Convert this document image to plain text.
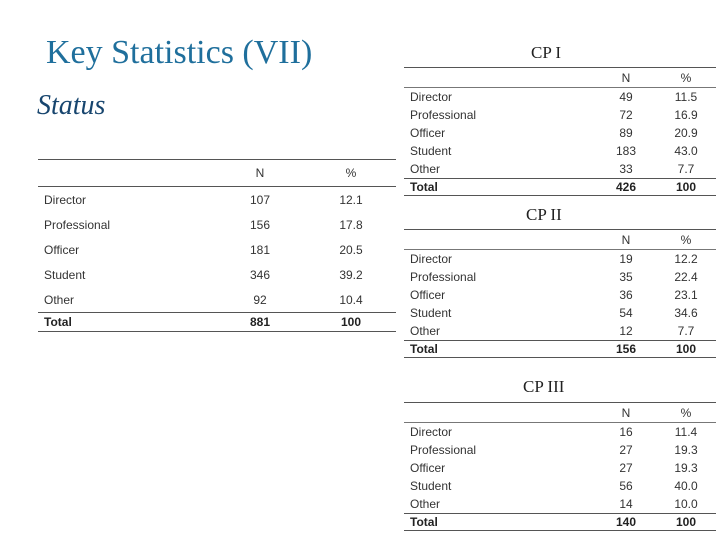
Key Statistics (VII)
Status
	N	%
Director	107	12.1
Professional	156	17.8
Officer	181	20.5
Student	346	39.2
Other	92	10.4
Total	881	100
CP I
	N	%
Director	49	11.5
Professional	72	16.9
Officer	89	20.9
Student	183	43.0
Other	33	7.7
Total	426	100
CP II
	N	%
Director	19	12.2
Professional	35	22.4
Officer	36	23.1
Student	54	34.6
Other	12	7.7
Total	156	100
CP III
	N	%
Director	16	11.4
Professional	27	19.3
Officer	27	19.3
Student	56	40.0
Other	14	10.0
Total	140	100
